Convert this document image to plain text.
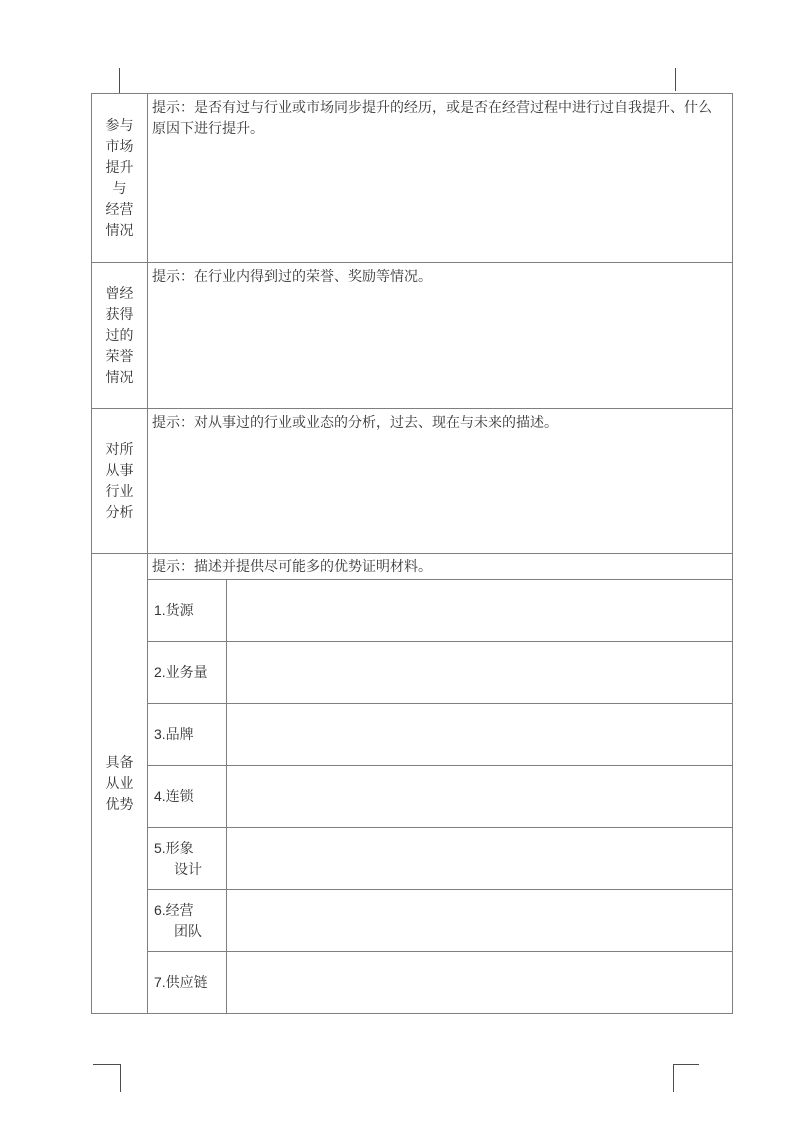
参与
市场
提升
与
经营
情况
提示：是否有过与行业或市场同步提升的经历，或是否在经营过程中进行过自我提升、什么原因下进行提升。
曾经
获得
过的
荣誉
情况
提示：在行业内得到过的荣誉、奖励等情况。
对所
从事
行业
分析
提示：对从事过的行业或业态的分析，过去、现在与未来的描述。
具备
从业
优势
提示：描述并提供尽可能多的优势证明材料。
1.货源
2.业务量
3.品牌
4.连锁
5.形象
设计
6.经营
团队
7.供应链
